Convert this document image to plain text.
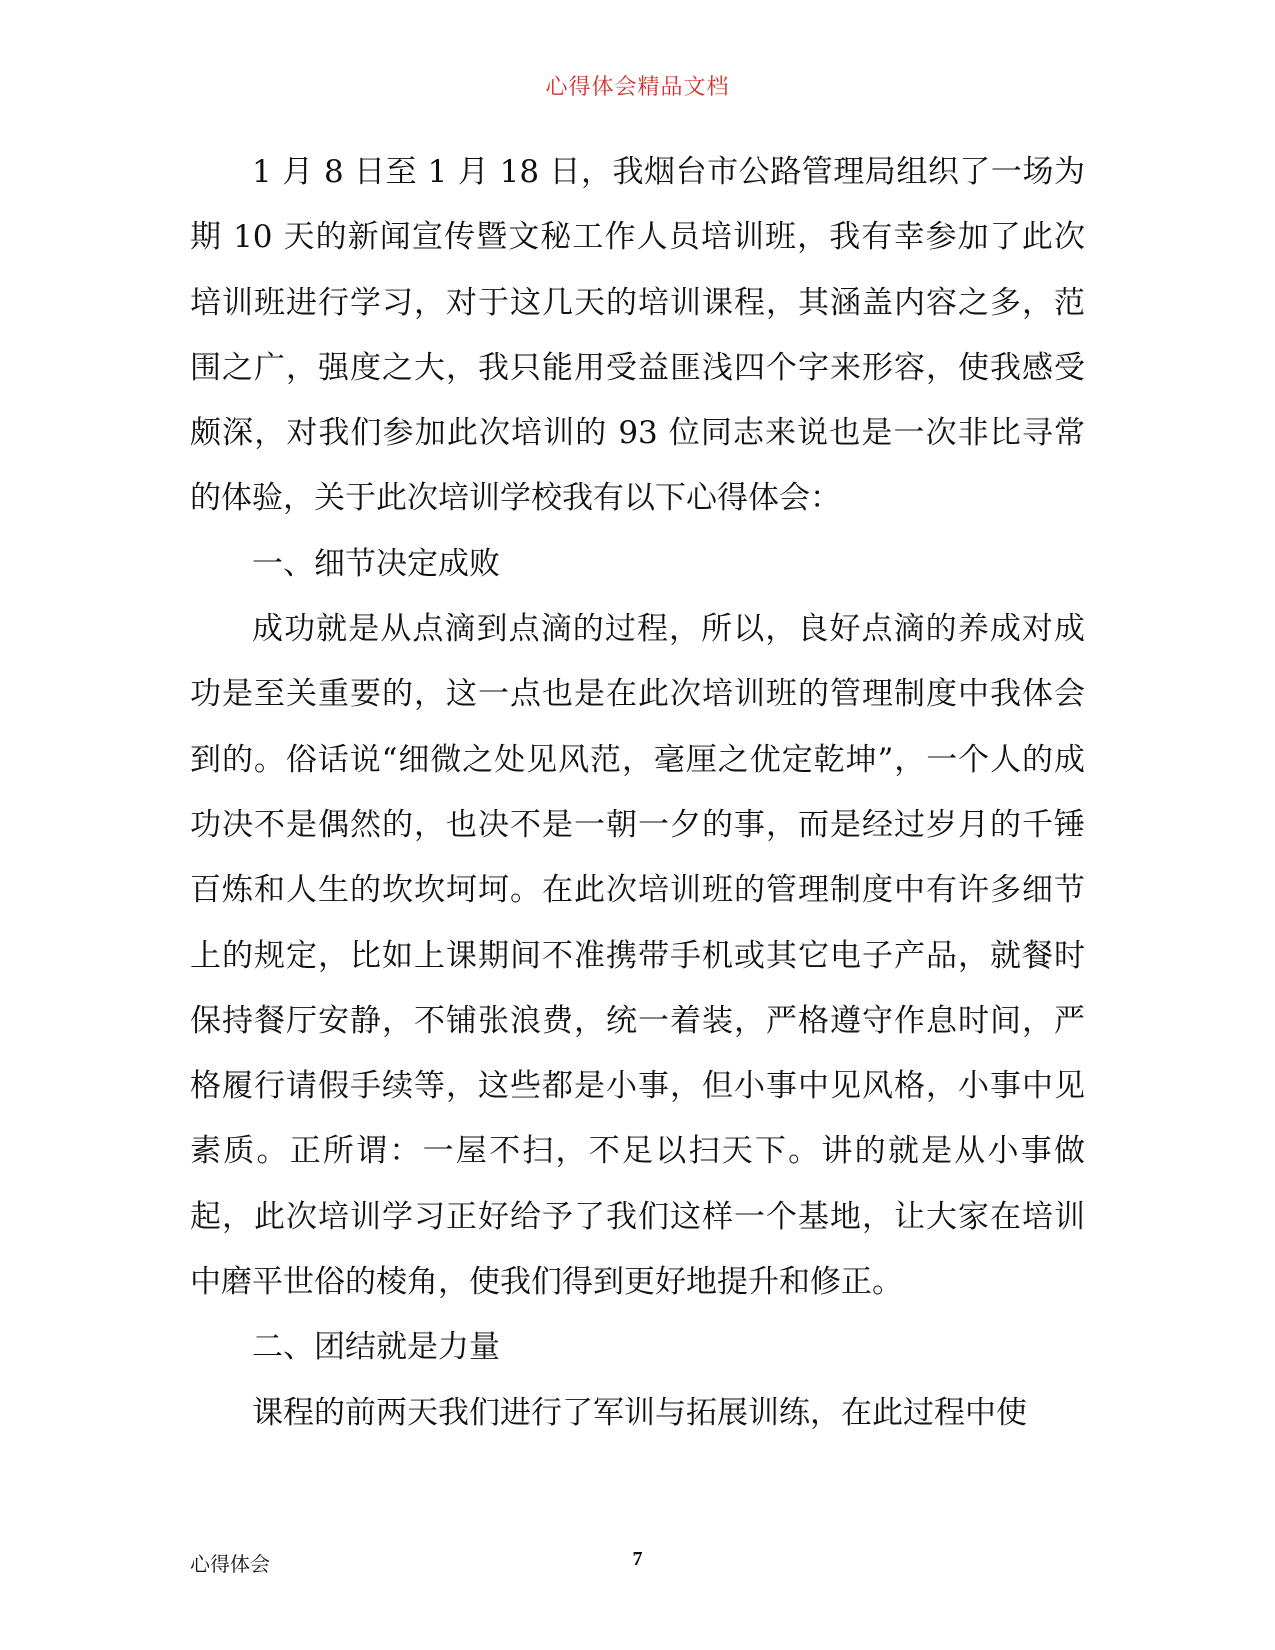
心得体会精品文档

1 月 8 日至 1 月 18 日，我烟台市公路管理局组织了一场为期 10 天的新闻宣传暨文秘工作人员培训班，我有幸参加了此次培训班进行学习，对于这几天的培训课程，其涵盖内容之多，范围之广，强度之大，我只能用受益匪浅四个字来形容，使我感受颇深，对我们参加此次培训的 93 位同志来说也是一次非比寻常的体验，关于此次培训学校我有以下心得体会：

一、细节决定成败

成功就是从点滴到点滴的过程，所以，良好点滴的养成对成功是至关重要的，这一点也是在此次培训班的管理制度中我体会到的。俗话说“细微之处见风范，毫厘之优定乾坤”，一个人的成功决不是偶然的，也决不是一朝一夕的事，而是经过岁月的千锤百炼和人生的坎坎坷坷。在此次培训班的管理制度中有许多细节上的规定，比如上课期间不准携带手机或其它电子产品，就餐时保持餐厅安静，不铺张浪费，统一着装，严格遵守作息时间，严格履行请假手续等，这些都是小事，但小事中见风格，小事中见素质。正所谓：一屋不扫，不足以扫天下。讲的就是从小事做起，此次培训学习正好给予了我们这样一个基地，让大家在培训中磨平世俗的棱角，使我们得到更好地提升和修正。

二、团结就是力量

课程的前两天我们进行了军训与拓展训练，在此过程中使

心得体会	7
